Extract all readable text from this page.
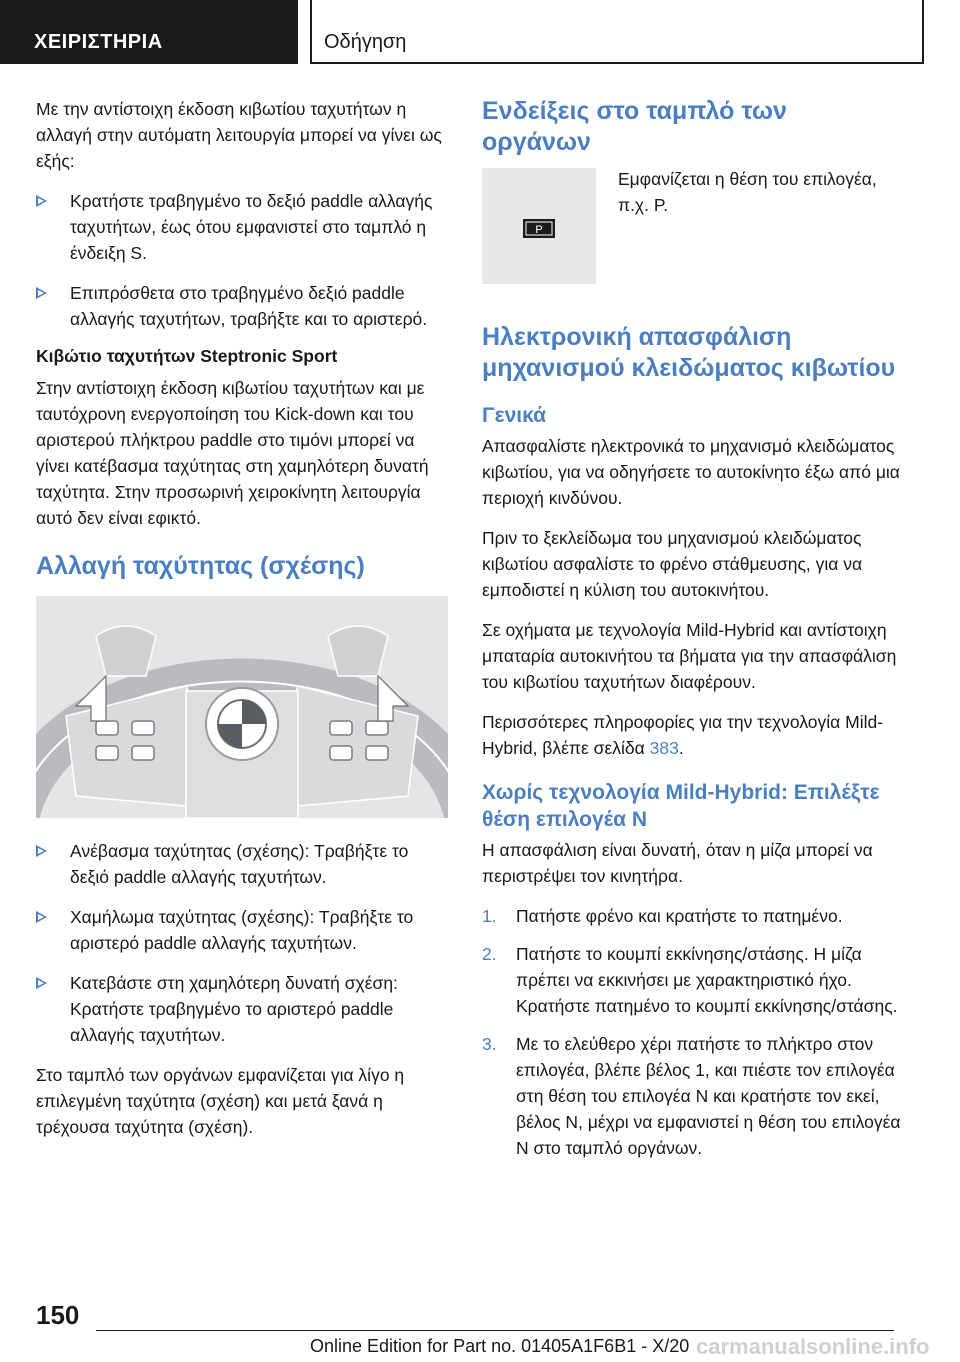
ΧΕΙΡΙΣΤΗΡΙΑ	Οδήγηση

Με την αντίστοιχη έκδοση κιβωτίου ταχυτήτων η αλλαγή στην αυτόματη λειτουργία μπορεί να γίνει ως εξής:

Κρατήστε τραβηγμένο το δεξιό paddle αλλαγής ταχυτήτων, έως ότου εμφανιστεί στο ταμπλό η ένδειξη S.
Επιπρόσθετα στο τραβηγμένο δεξιό paddle αλλαγής ταχυτήτων, τραβήξτε και το αριστερό.
Κιβώτιο ταχυτήτων Steptronic Sport

Στην αντίστοιχη έκδοση κιβωτίου ταχυτήτων και με ταυτόχρονη ενεργοποίηση του Kick-down και του αριστερού πλήκτρου paddle στο τιμόνι μπορεί να γίνει κατέβασμα ταχύτητας στη χαμηλότερη δυνατή ταχύτητα. Στην προσωρινή χειροκίνητη λειτουργία αυτό δεν είναι εφικτό.

Αλλαγή ταχύτητας (σχέσης)
Ανέβασμα ταχύτητας (σχέσης): Τραβήξτε το δεξιό paddle αλλαγής ταχυτήτων.
Χαμήλωμα ταχύτητας (σχέσης): Τραβήξτε το αριστερό paddle αλλαγής ταχυτήτων.
Κατεβάστε στη χαμηλότερη δυνατή σχέση: Κρατήστε τραβηγμένο το αριστερό paddle αλλαγής ταχυτήτων.

Στο ταμπλό των οργάνων εμφανίζεται για λίγο η επιλεγμένη ταχύτητα (σχέση) και μετά ξανά η τρέχουσα ταχύτητα (σχέση).

Ενδείξεις στο ταμπλό των οργάνων
P
Εμφανίζεται η θέση του επιλογέα, π.χ. P.
Ηλεκτρονική απασφάλιση μηχανισμού κλειδώματος κιβωτίου
Γενικά

Απασφαλίστε ηλεκτρονικά το μηχανισμό κλειδώματος κιβωτίου, για να οδηγήσετε το αυτοκίνητο έξω από μια περιοχή κινδύνου.

Πριν το ξεκλείδωμα του μηχανισμού κλειδώματος κιβωτίου ασφαλίστε το φρένο στάθμευσης, για να εμποδιστεί η κύλιση του αυτοκινήτου.

Σε οχήματα με τεχνολογία Mild-Hybrid και αντίστοιχη μπαταρία αυτοκινήτου τα βήματα για την απασφάλιση του κιβωτίου ταχυτήτων διαφέρουν.

Περισσότερες πληροφορίες για την τεχνολογία Mild-Hybrid, βλέπε σελίδα 383.

Χωρίς τεχνολογία Mild-Hybrid: Επιλέξτε θέση επιλογέα N

Η απασφάλιση είναι δυνατή, όταν η μίζα μπορεί να περιστρέψει τον κινητήρα.

1. Πατήστε φρένο και κρατήστε το πατημένο.
2. Πατήστε το κουμπί εκκίνησης/στάσης. Η μίζα πρέπει να εκκινήσει με χαρακτηριστικό ήχο. Κρατήστε πατημένο το κουμπί εκκίνησης/στάσης.
3. Με το ελεύθερο χέρι πατήστε το πλήκτρο στον επιλογέα, βλέπε βέλος 1, και πιέστε τον επιλογέα στη θέση του επιλογέα N και κρατήστε τον εκεί, βέλος N, μέχρι να εμφανιστεί η θέση του επιλογέα N στο ταμπλό οργάνων.
150
Online Edition for Part no. 01405A1F6B1 - X/20 carmanualsonline.info
